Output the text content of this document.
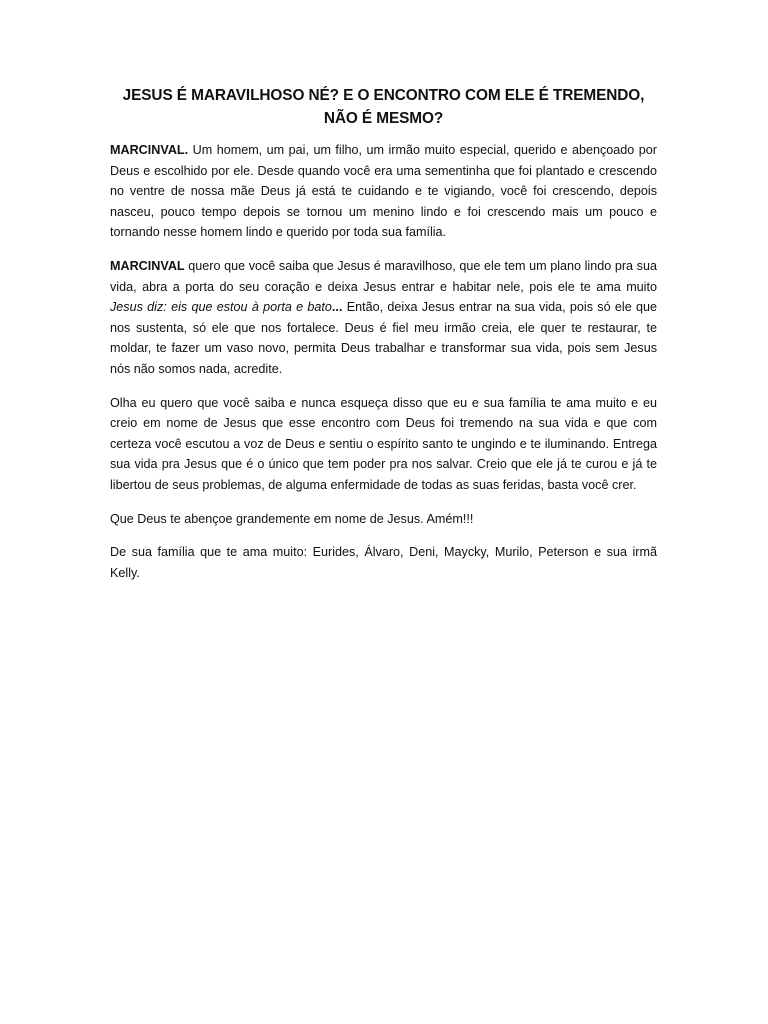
JESUS É MARAVILHOSO NÉ? E O ENCONTRO COM ELE É TREMENDO, NÃO É MESMO?

MARCINVAL. Um homem, um pai, um filho, um irmão muito especial, querido e abençoado por Deus e escolhido por ele. Desde quando você era uma sementinha que foi plantado e crescendo no ventre de nossa mãe Deus já está te cuidando e te vigiando, você foi crescendo, depois nasceu, pouco tempo depois se tornou um menino lindo e foi crescendo mais um pouco e tornando nesse homem lindo e querido por toda sua família.

MARCINVAL quero que você saiba que Jesus é maravilhoso, que ele tem um plano lindo pra sua vida, abra a porta do seu coração e deixa Jesus entrar e habitar nele, pois ele te ama muito Jesus diz: eis que estou à porta e bato... Então, deixa Jesus entrar na sua vida, pois só ele que nos sustenta, só ele que nos fortalece. Deus é fiel meu irmão creia, ele quer te restaurar, te moldar, te fazer um vaso novo, permita Deus trabalhar e transformar sua vida, pois sem Jesus nós não somos nada, acredite.

Olha eu quero que você saiba e nunca esqueça disso que eu e sua família te ama muito e eu creio em nome de Jesus que esse encontro com Deus foi tremendo na sua vida e que com certeza você escutou a voz de Deus e sentiu o espírito santo te ungindo e te iluminando. Entrega sua vida pra Jesus que é o único que tem poder pra nos salvar. Creio que ele já te curou e já te libertou de seus problemas, de alguma enfermidade de todas as suas feridas, basta você crer.

Que Deus te abençoe grandemente em nome de Jesus. Amém!!!

De sua família que te ama muito: Eurides, Álvaro, Deni, Maycky, Murilo, Peterson e sua irmã Kelly.
